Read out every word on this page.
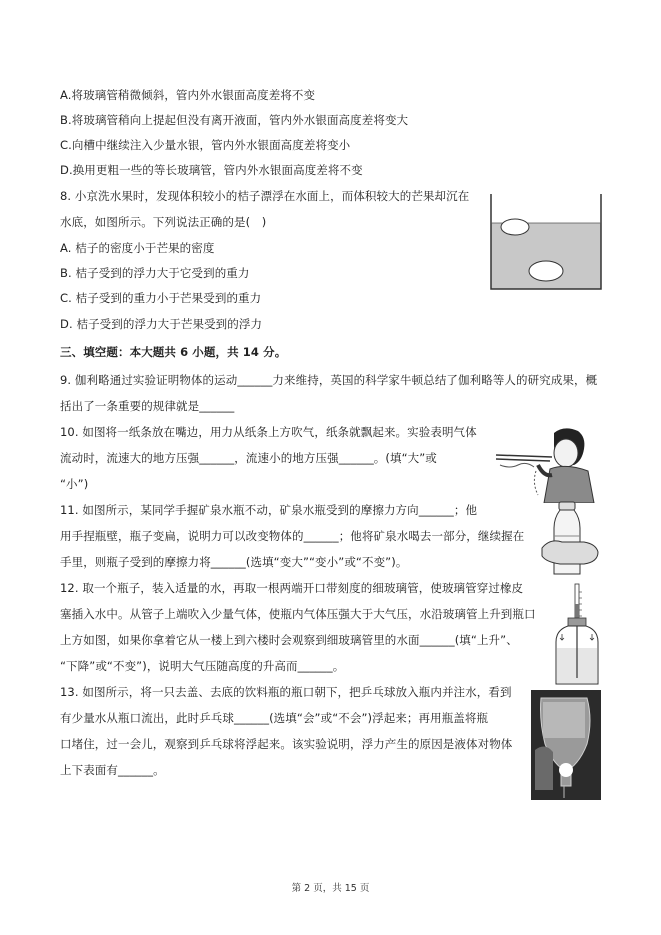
A.将玻璃管稍微倾斜，管内外水银面高度差将不变
B.将玻璃管稍向上提起但没有离开液面，管内外水银面高度差将变大
C.向槽中继续注入少量水银，管内外水银面高度差将变小
D.换用更粗一些的等长玻璃管，管内外水银面高度差将不变
8. 小京洗水果时，发现体积较小的桔子漂浮在水面上，而体积较大的芒果却沉在
水底，如图所示。下列说法正确的是(　)
A. 桔子的密度小于芒果的密度
B. 桔子受到的浮力大于它受到的重力
C. 桔子受到的重力小于芒果受到的重力
D. 桔子受到的浮力大于芒果受到的浮力
三、填空题：本大题共 6 小题，共 14 分。
9. 伽利略通过实验证明物体的运动______力来维持，英国的科学家牛顿总结了伽利略等人的研究成果，概
括出了一条重要的规律就是______
10. 如图将一纸条放在嘴边，用力从纸条上方吹气，纸条就飘起来。实验表明气体
流动时，流速大的地方压强______，流速小的地方压强______。(填“大”或
“小”)
11. 如图所示，某同学手握矿泉水瓶不动，矿泉水瓶受到的摩擦力方向______；他
用手捏瓶壁，瓶子变扁，说明力可以改变物体的______；他将矿泉水喝去一部分，继续握在
手里，则瓶子受到的摩擦力将______(选填“变大”“变小”或“不变”)。
12. 取一个瓶子，装入适量的水，再取一根两端开口带刻度的细玻璃管，使玻璃管穿过橡皮
塞插入水中。从管子上端吹入少量气体，使瓶内气体压强大于大气压，水沿玻璃管上升到瓶口
上方如图，如果你拿着它从一楼上到六楼时会观察到细玻璃管里的水面______(填“上升”、
“下降”或“不变”)，说明大气压随高度的升高而______。
13. 如图所示，将一只去盖、去底的饮料瓶的瓶口朝下，把乒乓球放入瓶内并注水，看到
有少量水从瓶口流出，此时乒乓球______(选填“会”或“不会”)浮起来；再用瓶盖将瓶
口堵住，过一会儿，观察到乒乓球将浮起来。该实验说明，浮力产生的原因是液体对物体
上下表面有______。
第 2 页，共 15 页
